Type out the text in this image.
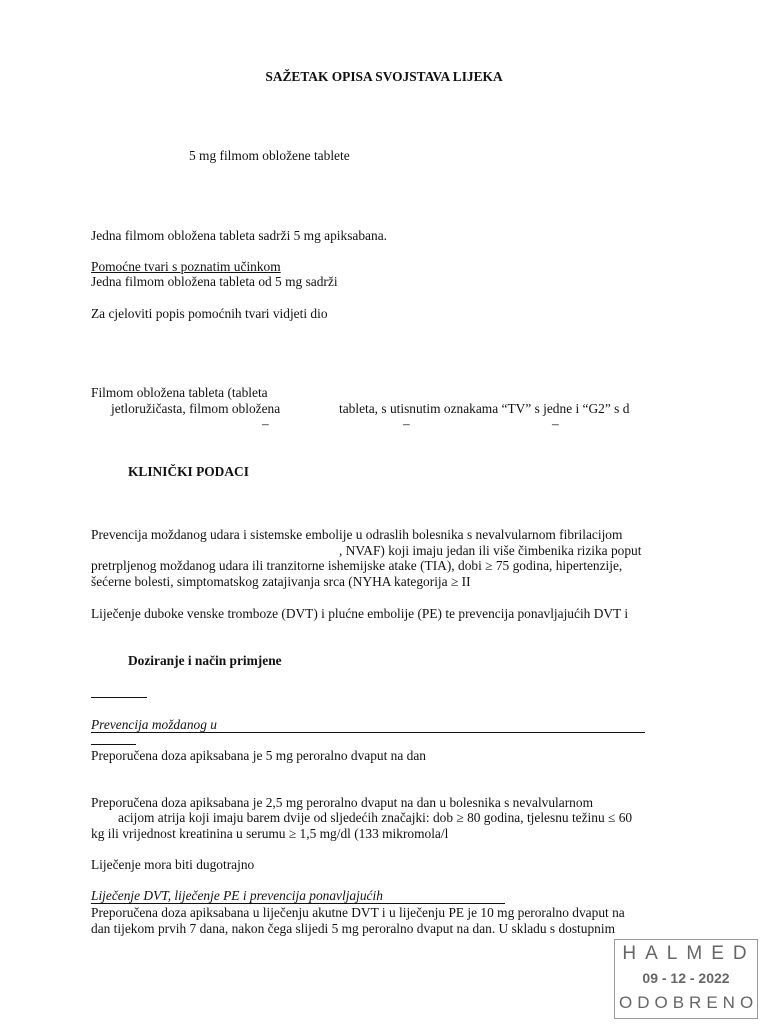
SAŽETAK OPISA SVOJSTAVA LIJEKA
5 mg filmom obložene tablete
Jedna filmom obložena tableta sadrži 5 mg apiksabana.
Pomoćne tvari s poznatim učinkom
Jedna filmom obložena tableta od 5 mg sadrži
Za cjeloviti popis pomoćnih tvari vidjeti dio
Filmom obložena tableta (tableta
jetloružičasta, filmom obložena	tableta, s utisnutim oznakama “TV” s jedne i “G2” s d
–	–	–
KLINIČKI PODACI
Prevencija moždanog udara i sistemske embolije u odraslih bolesnika s nevalvularnom fibrilacijom
, NVAF) koji imaju jedan ili više čimbenika rizika poput
pretrpljenog moždanog udara ili tranzitorne ishemijske atake (TIA), dobi ≥ 75 godina, hipertenzije,
šećerne bolesti, simptomatskog zatajivanja srca (NYHA kategorija ≥ II
Liječenje duboke venske tromboze (DVT) i plućne embolije (PE) te prevencija ponavljajućih DVT i
Doziranje i način primjene
Prevencija moždanog u
Preporučena doza apiksabana je 5 mg peroralno dvaput na dan
Preporučena doza apiksabana je 2,5 mg peroralno dvaput na dan u bolesnika s nevalvularnom
acijom atrija koji imaju barem dvije od sljedećih značajki: dob ≥ 80 godina, tjelesnu težinu ≤ 60
kg ili vrijednost kreatinina u serumu ≥ 1,5 mg/dl (133 mikromola/l
Liječenje mora biti dugotrajno
Liječenje DVT, liječenje PE i prevencija ponavljajućih
Preporučena doza apiksabana u liječenju akutne DVT i u liječenju PE je 10 mg peroralno dvaput na
dan tijekom prvih 7 dana, nakon čega slijedi 5 mg peroralno dvaput na dan. U skladu s dostupnim
HALMED
09 - 12 - 2022
ODOBRENO
